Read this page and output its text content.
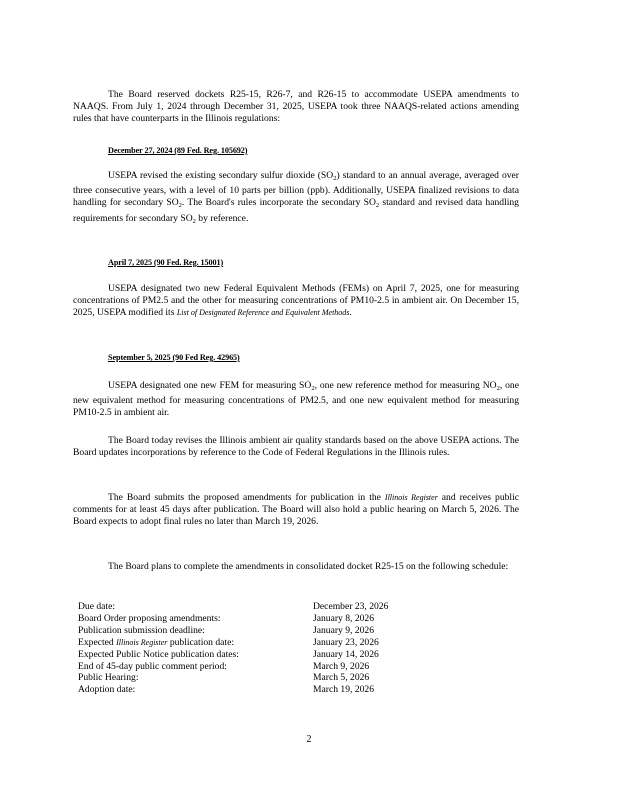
The Board reserved dockets R25-15, R26-7, and R26-15 to accommodate USEPA amendments to NAAQS. From July 1, 2024 through December 31, 2025, USEPA took three NAAQS-related actions amending rules that have counterparts in the Illinois regulations:
December 27, 2024 (89 Fed. Reg. 105692)
USEPA revised the existing secondary sulfur dioxide $(SO_2)$ standard to an annual average, averaged over three consecutive years, with a level of 10 parts per billion (ppb). Additionally, USEPA finalized revisions to data handling for secondary $SO_2$. The Board's rules incorporate the secondary $SO_2$ standard and revised data handling requirements for secondary $SO_2$ by reference.
April 7, 2025 (90 Fed. Reg. 15001)
USEPA designated two new Federal Equivalent Methods (FEMs) on April 7, 2025, one for measuring concentrations of PM2.5 and the other for measuring concentrations of PM10-2.5 in ambient air. On December 15, 2025, USEPA modified its List of Designated Reference and Equivalent Methods.
September 5, 2025 (90 Fed Reg. 42965)
USEPA designated one new FEM for measuring $SO_2$, one new reference method for measuring $NO_2$, one new equivalent method for measuring concentrations of PM2.5, and one new equivalent method for measuring PM10-2.5 in ambient air.
The Board today revises the Illinois ambient air quality standards based on the above USEPA actions. The Board updates incorporations by reference to the Code of Federal Regulations in the Illinois rules.
The Board submits the proposed amendments for publication in the Illinois Register and receives public comments for at least 45 days after publication. The Board will also hold a public hearing on March 5, 2026. The Board expects to adopt final rules no later than March 19, 2026.
The Board plans to complete the amendments in consolidated docket R25-15 on the following schedule:
Due date:	December 23, 2026
Board Order proposing amendments:	January 8, 2026
Publication submission deadline:	January 9, 2026
Expected Illinois Register publication date:	January 23, 2026
Expected Public Notice publication dates:	January 14, 2026
End of 45-day public comment period:	March 9, 2026
Public Hearing:	March 5, 2026
Adoption date:	March 19, 2026
2
